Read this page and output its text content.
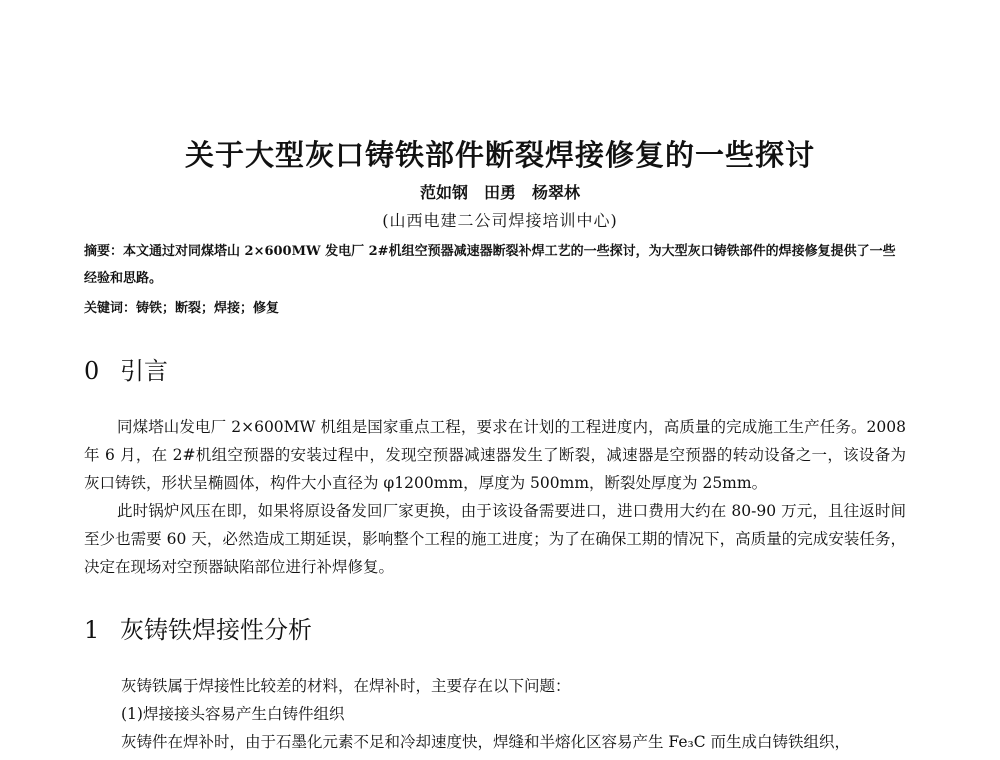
关于大型灰口铸铁部件断裂焊接修复的一些探讨
范如钢　田勇　杨翠林
(山西电建二公司焊接培训中心)

摘要：本文通过对同煤塔山 2×600MW 发电厂 2#机组空预器减速器断裂补焊工艺的一些探讨，为大型灰口铸铁部件的焊接修复提供了一些经验和思路。

关键词：铸铁；断裂；焊接；修复

0 引言

同煤塔山发电厂 2×600MW 机组是国家重点工程，要求在计划的工程进度内，高质量的完成施工生产任务。2008 年 6 月，在 2#机组空预器的安装过程中，发现空预器减速器发生了断裂，减速器是空预器的转动设备之一，该设备为灰口铸铁，形状呈椭圆体，构件大小直径为 φ1200mm，厚度为 500mm，断裂处厚度为 25mm。

此时锅炉风压在即，如果将原设备发回厂家更换，由于该设备需要进口，进口费用大约在 80-90 万元，且往返时间至少也需要 60 天，必然造成工期延误，影响整个工程的施工进度；为了在确保工期的情况下，高质量的完成安装任务，决定在现场对空预器缺陷部位进行补焊修复。

1 灰铸铁焊接性分析

灰铸铁属于焊接性比较差的材料，在焊补时，主要存在以下问题：

(1)焊接接头容易产生白铸件组织

灰铸件在焊补时，由于石墨化元素不足和冷却速度快，焊缝和半熔化区容易产生 Fe₃C 而生成白铸铁组织，
